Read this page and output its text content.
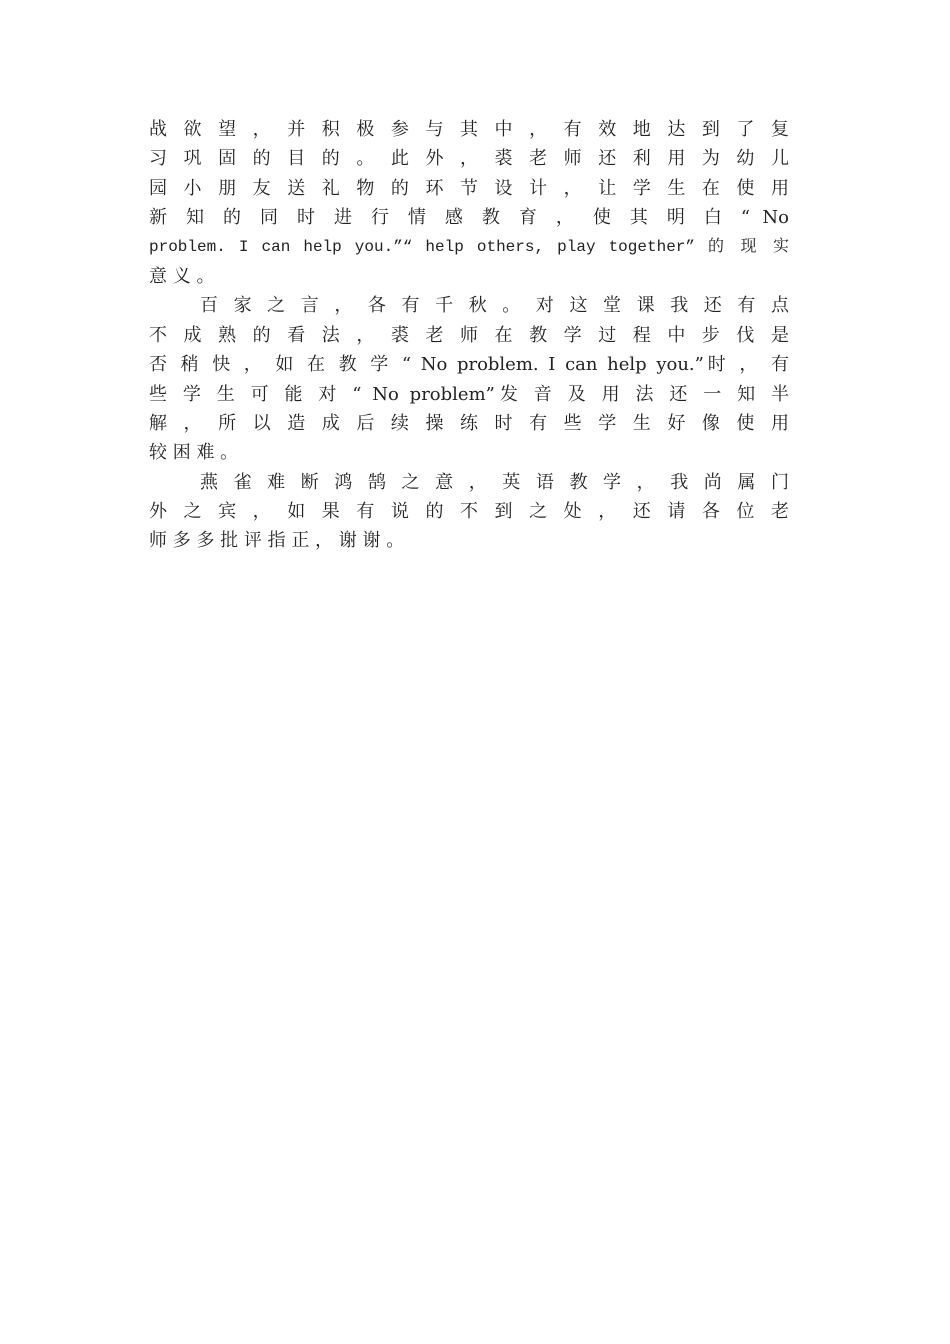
战 欲 望 ， 并 积 极 参 与 其 中 ， 有 效 地 达 到 了 复
习 巩 固 的 目 的 。 此 外 ， 裘 老 师 还 利 用 为 幼 儿
园 小 朋 友 送 礼 物 的 环 节 设 计 ， 让 学 生 在 使 用
新 知 的 同 时 进 行 情 感 教 育 ， 使 其 明 白 “ No
problem. I can help you.”“ help others, play together” 的 现 实
意 义 。
百 家 之 言 ， 各 有 千 秋 。 对 这 堂 课 我 还 有 点
不 成 熟 的 看 法 ， 裘 老 师 在 教 学 过 程 中 步 伐 是
否 稍 快 ， 如 在 教 学 “ No problem. I can help you.”时 ， 有
些 学 生 可 能 对 “ No problem”发 音 及 用 法 还 一 知 半
解 ， 所 以 造 成 后 续 操 练 时 有 些 学 生 好 像 使 用
较 困 难 。
燕 雀 难 断 鸿 鹄 之 意 ， 英 语 教 学 ， 我 尚 属 门
外 之 宾 ， 如 果 有 说 的 不 到 之 处 ， 还 请 各 位 老
师 多 多 批 评 指 正 ， 谢 谢 。
